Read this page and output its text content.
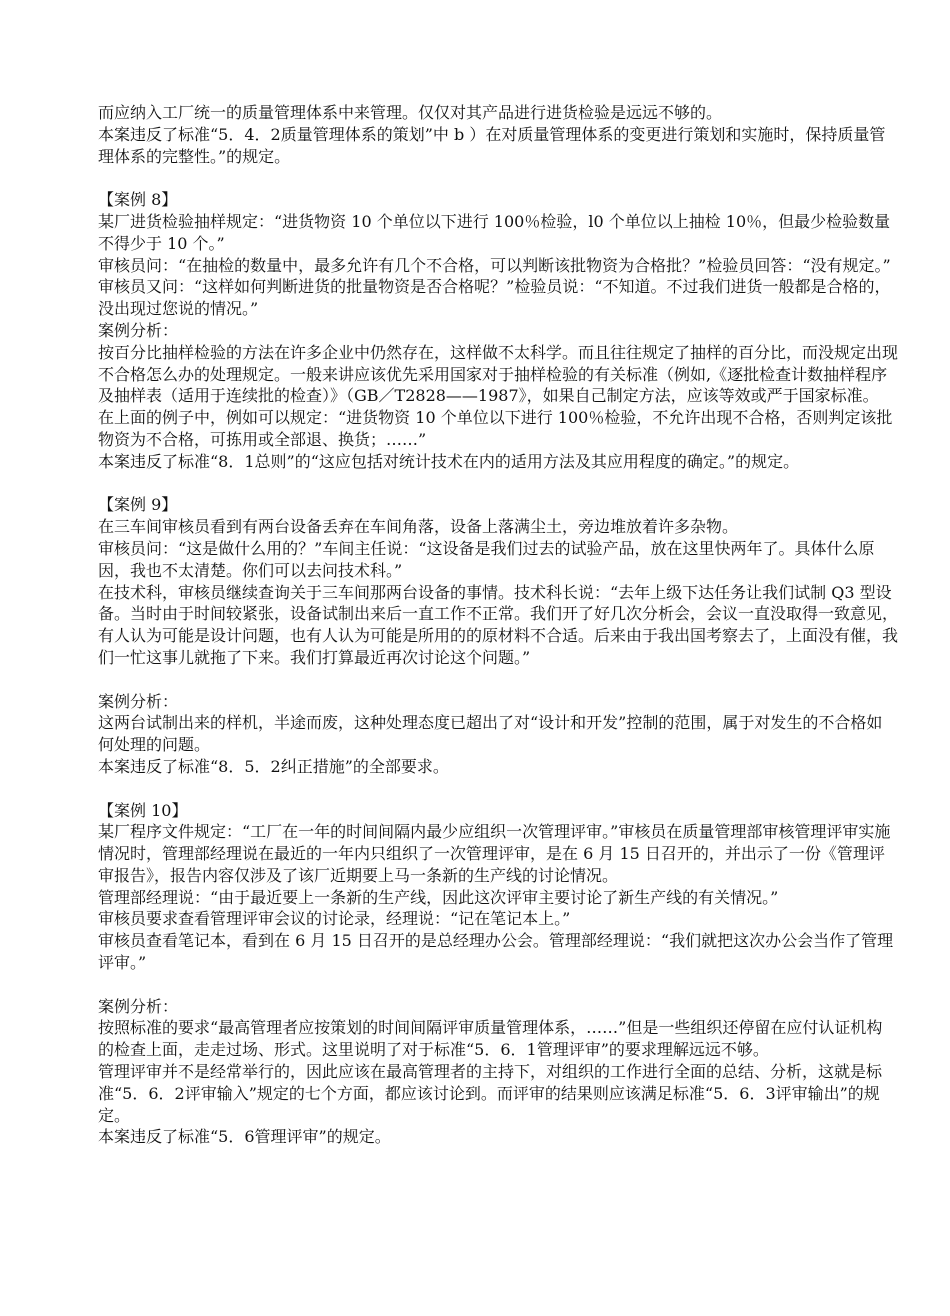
而应纳入工厂统一的质量管理体系中来管理。仅仅对其产品进行进货检验是远远不够的。

本案违反了标准“5．4．2质量管理体系的策划”中 b ）在对质量管理体系的变更进行策划和实施时，保持质量管理体系的完整性。”的规定。

【案例 8】

某厂进货检验抽样规定：“进货物资 10 个单位以下进行 100％检验，l0 个单位以上抽检 10％，但最少检验数量不得少于 10 个。”

审核员问：“在抽检的数量中，最多允许有几个不合格，可以判断该批物资为合格批？”检验员回答：“没有规定。”

审核员又问：“这样如何判断进货的批量物资是否合格呢？”检验员说：“不知道。不过我们进货一般都是合格的，没出现过您说的情况。”

案例分析：

按百分比抽样检验的方法在许多企业中仍然存在，这样做不太科学。而且往往规定了抽样的百分比，而没规定出现不合格怎么办的处理规定。一般来讲应该优先采用国家对于抽样检验的有关标准（例如,《逐批检查计数抽样程序及抽样表（适用于连续批的检查）》（GB／T2828——1987》，如果自己制定方法，应该等效或严于国家标准。

在上面的例子中，例如可以规定：“进货物资 10 个单位以下进行 100％检验，不允许出现不合格，否则判定该批物资为不合格，可拣用或全部退、换货；……”

本案违反了标准“8．1总则”的“这应包括对统计技术在内的适用方法及其应用程度的确定。”的规定。

【案例 9】

在三车间审核员看到有两台设备丢弃在车间角落，设备上落满尘土，旁边堆放着许多杂物。

审核员问：“这是做什么用的？”车间主任说：“这设备是我们过去的试验产品，放在这里快两年了。具体什么原因，我也不太清楚。你们可以去问技术科。”

在技术科，审核员继续查询关于三车间那两台设备的事情。技术科长说：“去年上级下达任务让我们试制 Q3 型设备。当时由于时间较紧张，设备试制出来后一直工作不正常。我们开了好几次分析会，会议一直没取得一致意见，有人认为可能是设计问题，也有人认为可能是所用的的原材料不合适。后来由于我出国考察去了，上面没有催，我们一忙这事儿就拖了下来。我们打算最近再次讨论这个问题。”

案例分析：

这两台试制出来的样机，半途而废，这种处理态度已超出了对“设计和开发”控制的范围，属于对发生的不合格如何处理的问题。

本案违反了标准“8．5．2纠正措施”的全部要求。

【案例 10】

某厂程序文件规定：“工厂在一年的时间间隔内最少应组织一次管理评审。”审核员在质量管理部审核管理评审实施情况时，管理部经理说在最近的一年内只组织了一次管理评审，是在 6 月 15 日召开的，并出示了一份《管理评审报告》，报告内容仅涉及了该厂近期要上马一条新的生产线的讨论情况。

管理部经理说：“由于最近要上一条新的生产线，因此这次评审主要讨论了新生产线的有关情况。”

审核员要求查看管理评审会议的讨论录，经理说：“记在笔记本上。”

审核员查看笔记本，看到在 6 月 15 日召开的是总经理办公会。管理部经理说：“我们就把这次办公会当作了管理评审。”

案例分析：

按照标准的要求“最高管理者应按策划的时间间隔评审质量管理体系，……”但是一些组织还停留在应付认证机构的检查上面，走走过场、形式。这里说明了对于标准“5．6．1管理评审”的要求理解远远不够。

管理评审并不是经常举行的，因此应该在最高管理者的主持下，对组织的工作进行全面的总结、分析，这就是标准“5．6．2评审输入”规定的七个方面，都应该讨论到。而评审的结果则应该满足标准“5．6．3评审输出”的规定。

本案违反了标准“5．6管理评审”的规定。
